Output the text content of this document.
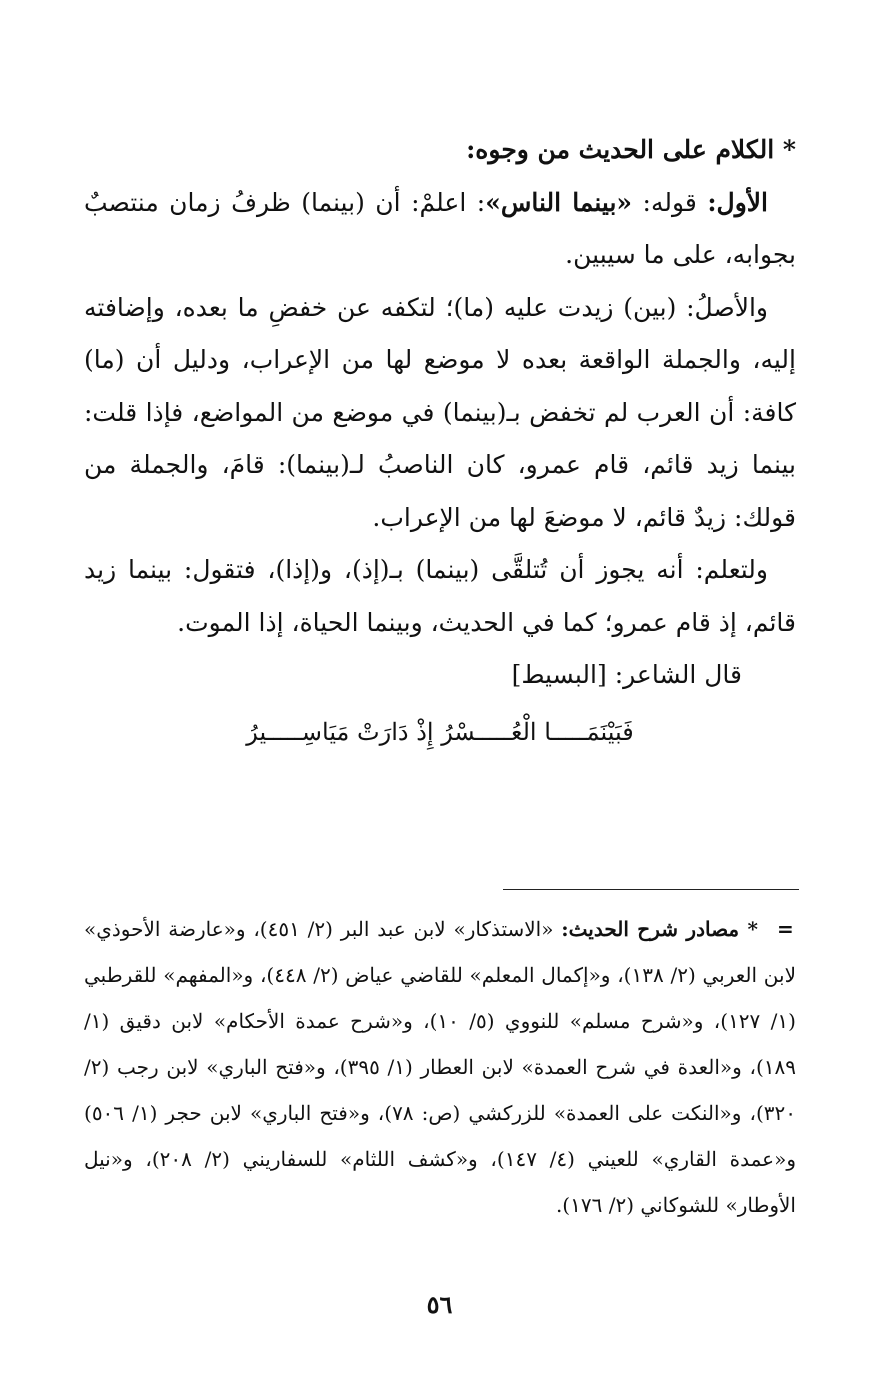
* الكلام على الحديث من وجوه:

الأول: قوله: «بينما الناس»: اعلمْ: أن (بينما) ظرفُ زمان منتصبٌ بجوابه، على ما سيبين.

والأصلُ: (بين) زيدت عليه (ما)؛ لتكفه عن خفضِ ما بعده، وإضافته إليه، والجملة الواقعة بعده لا موضع لها من الإعراب، ودليل أن (ما) كافة: أن العرب لم تخفض بـ(بينما) في موضع من المواضع، فإذا قلت: بينما زيد قائم، قام عمرو، كان الناصبُ لـ(بينما): قامَ، والجملة من قولك: زيدٌ قائم، لا موضعَ لها من الإعراب.

ولتعلم: أنه يجوز أن تُتلقَّى (بينما) بـ(إذ)، و(إذا)، فتقول: بينما زيد قائم، إذ قام عمرو؛ كما في الحديث، وبينما الحياة، إذا الموت.

قال الشاعر: [البسيط]

فَبَيْنَمَـــــا الْعُـــــسْرُ إِذْ دَارَتْ مَيَاسِـــــيرُ

=

* مصادر شرح الحديث: «الاستذكار» لابن عبد البر (٢/ ٤٥١)، و«عارضة الأحوذي» لابن العربي (٢/ ١٣٨)، و«إكمال المعلم» للقاضي عياض (٢/ ٤٤٨)، و«المفهم» للقرطبي (١/ ١٢٧)، و«شرح مسلم» للنووي (٥/ ١٠)، و«شرح عمدة الأحكام» لابن دقيق (١/ ١٨٩)، و«العدة في شرح العمدة» لابن العطار (١/ ٣٩٥)، و«فتح الباري» لابن رجب (٢/ ٣٢٠)، و«النكت على العمدة» للزركشي (ص: ٧٨)، و«فتح الباري» لابن حجر (١/ ٥٠٦) و«عمدة القاري» للعيني (٤/ ١٤٧)، و«كشف اللثام» للسفاريني (٢/ ٢٠٨)، و«نيل الأوطار» للشوكاني (٢/ ١٧٦).

٥٦
